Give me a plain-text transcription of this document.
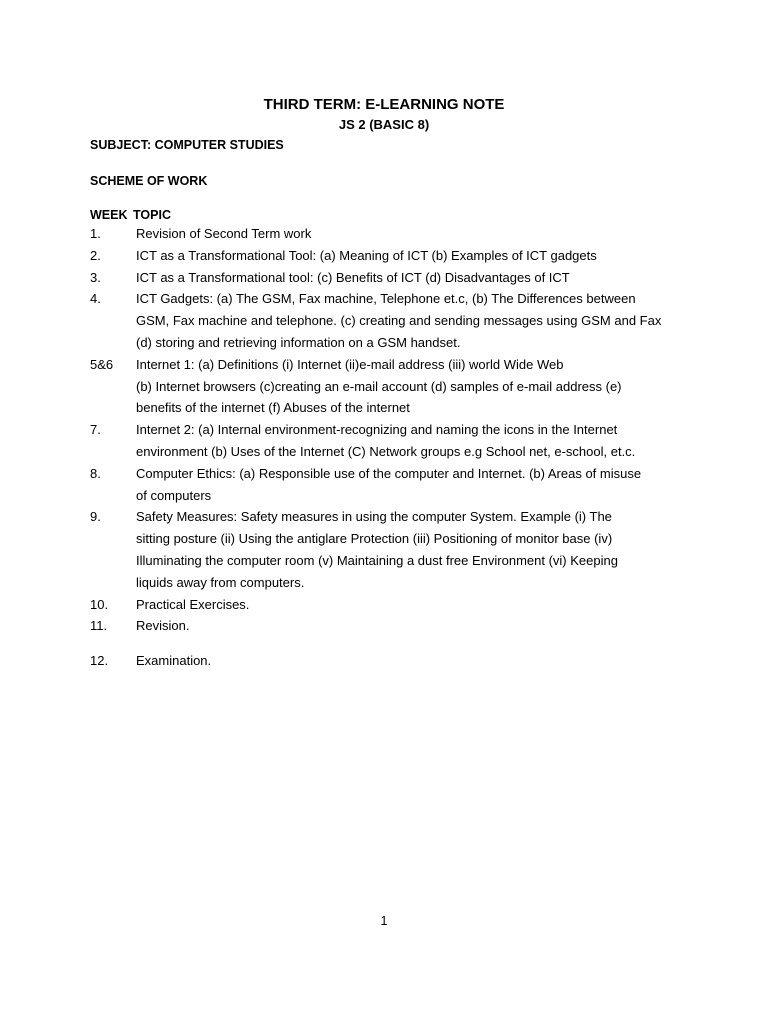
THIRD TERM: E-LEARNING NOTE
JS 2 (BASIC 8)
SUBJECT: COMPUTER STUDIES
SCHEME OF WORK
WEEK TOPIC
1.	Revision of Second Term work
2.	ICT as a Transformational Tool: (a) Meaning of ICT (b) Examples of ICT gadgets
3.	ICT as a Transformational tool: (c) Benefits of ICT (d) Disadvantages of ICT
4.	ICT Gadgets: (a) The GSM, Fax machine, Telephone et.c, (b) The Differences between
GSM, Fax machine and telephone. (c) creating and sending messages using GSM and Fax
(d) storing and retrieving information on a GSM handset.
5&6 Internet 1: (a) Definitions (i) Internet (ii)e-mail address (iii) world Wide Web
(b) Internet browsers (c)creating an e-mail account (d) samples of e-mail address (e)
benefits of the internet (f) Abuses of the internet
7.	Internet 2: (a) Internal environment-recognizing and naming the icons in the Internet
environment (b) Uses of the Internet (C) Network groups e.g School net, e-school, et.c.
8.	Computer Ethics: (a) Responsible use of the computer and Internet. (b) Areas of misuse
of computers
9.	Safety Measures: Safety measures in using the computer System. Example (i) The
sitting posture (ii) Using the antiglare Protection (iii) Positioning of monitor base (iv)
Illuminating the computer room (v) Maintaining a dust free Environment (vi) Keeping
liquids away from computers.
10. Practical Exercises.
11. Revision.
12. Examination.
1
